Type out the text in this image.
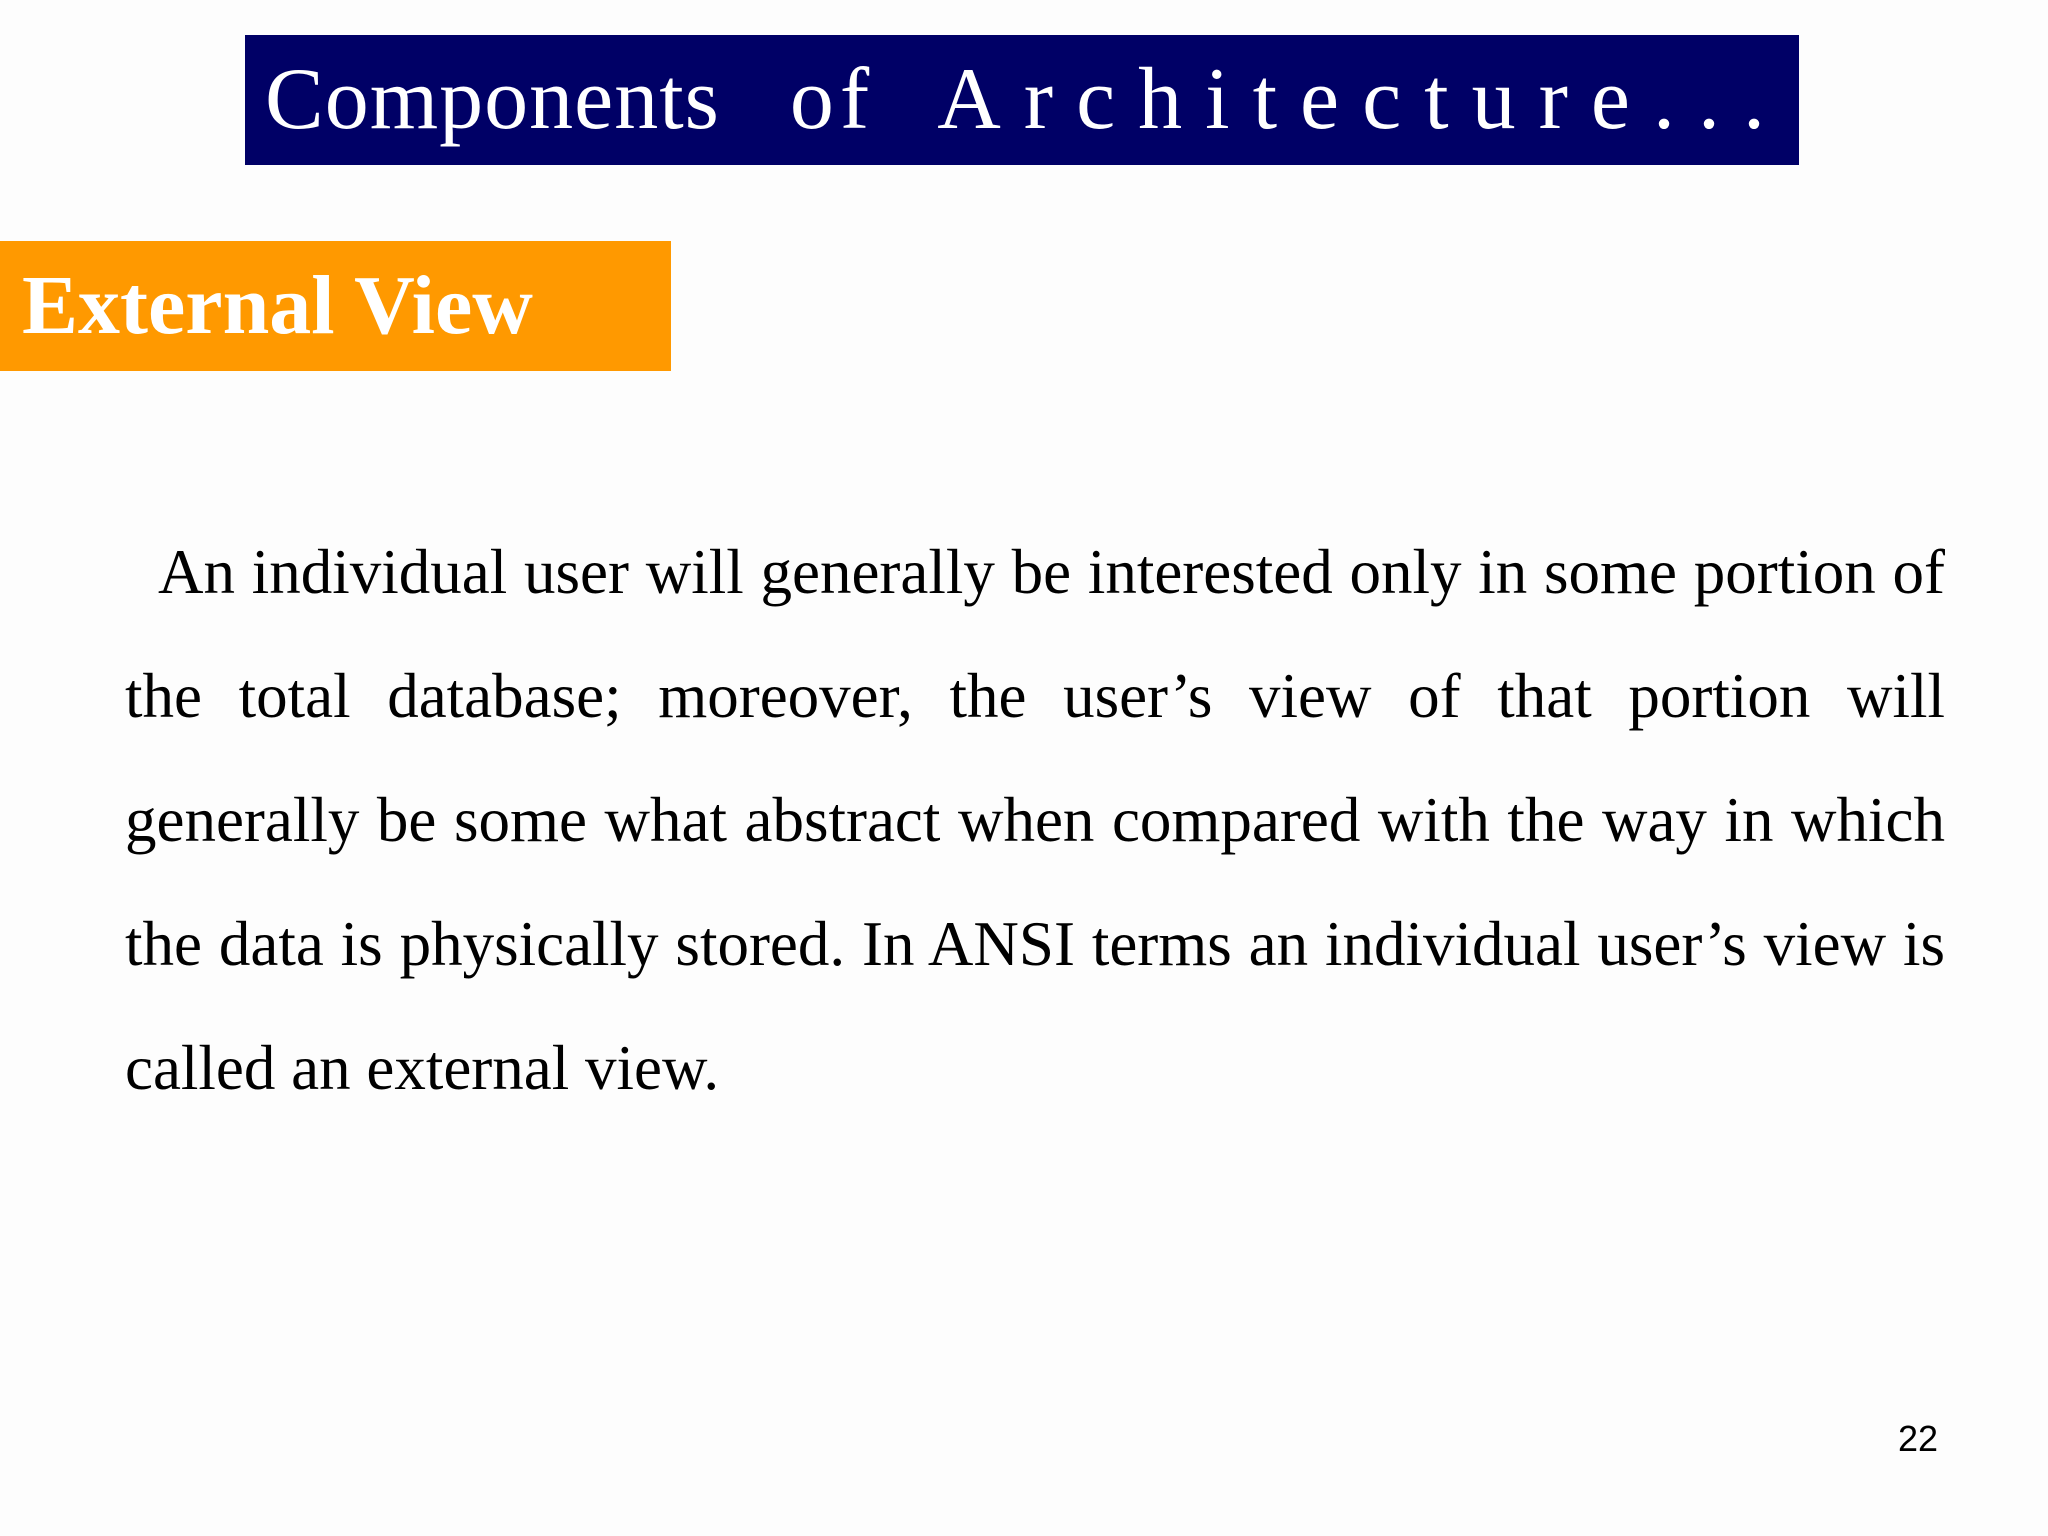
Components of Architecture...
External View

An individual user will generally be interested only in some portion of the total database; moreover, the user’s view of that portion will generally be some what abstract when compared with the way in which the data is physically stored. In ANSI terms an individual user’s view is called an external view.

22
